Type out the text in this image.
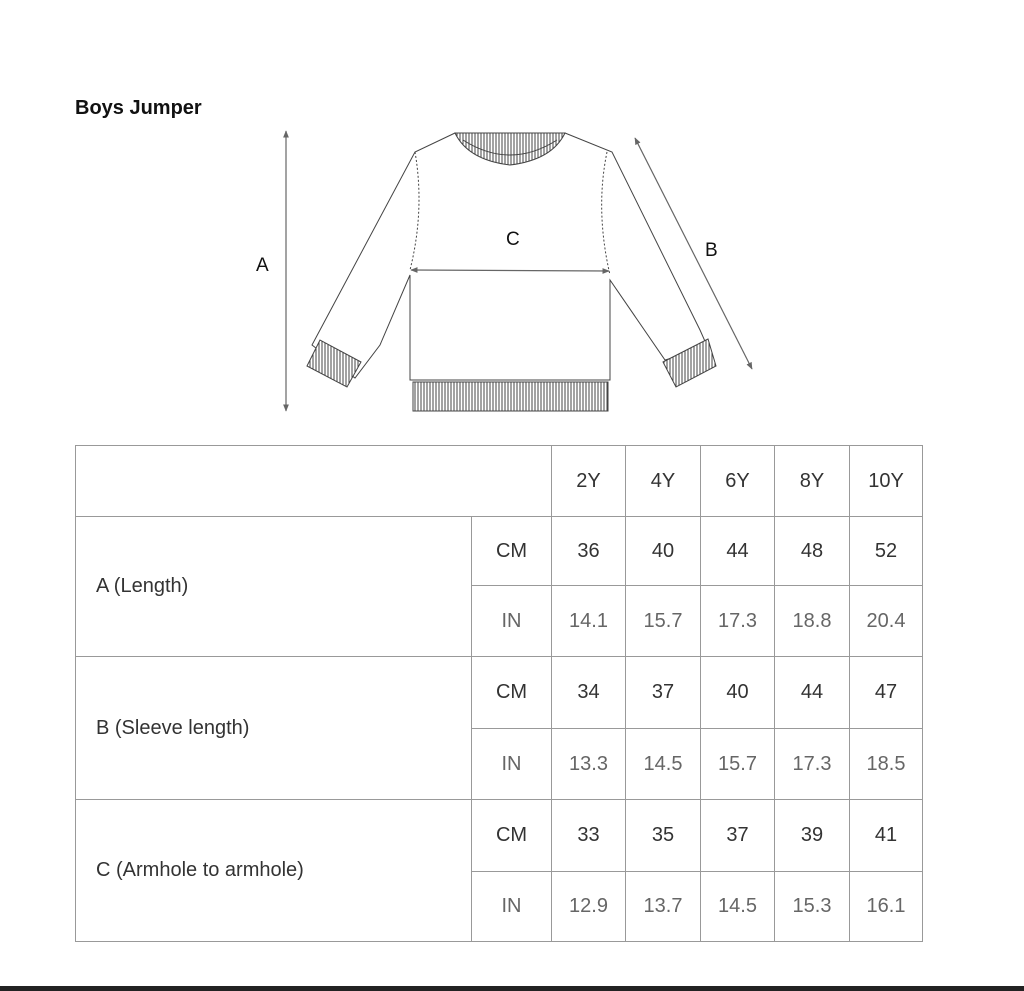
Boys Jumper
A
B
C
		2Y	4Y	6Y	8Y	10Y
A (Length)	CM	36	40	44	48	52
	IN	14.1	15.7	17.3	18.8	20.4
B (Sleeve length)	CM	34	37	40	44	47
	IN	13.3	14.5	15.7	17.3	18.5
C (Armhole to armhole)	CM	33	35	37	39	41
	IN	12.9	13.7	14.5	15.3	16.1
